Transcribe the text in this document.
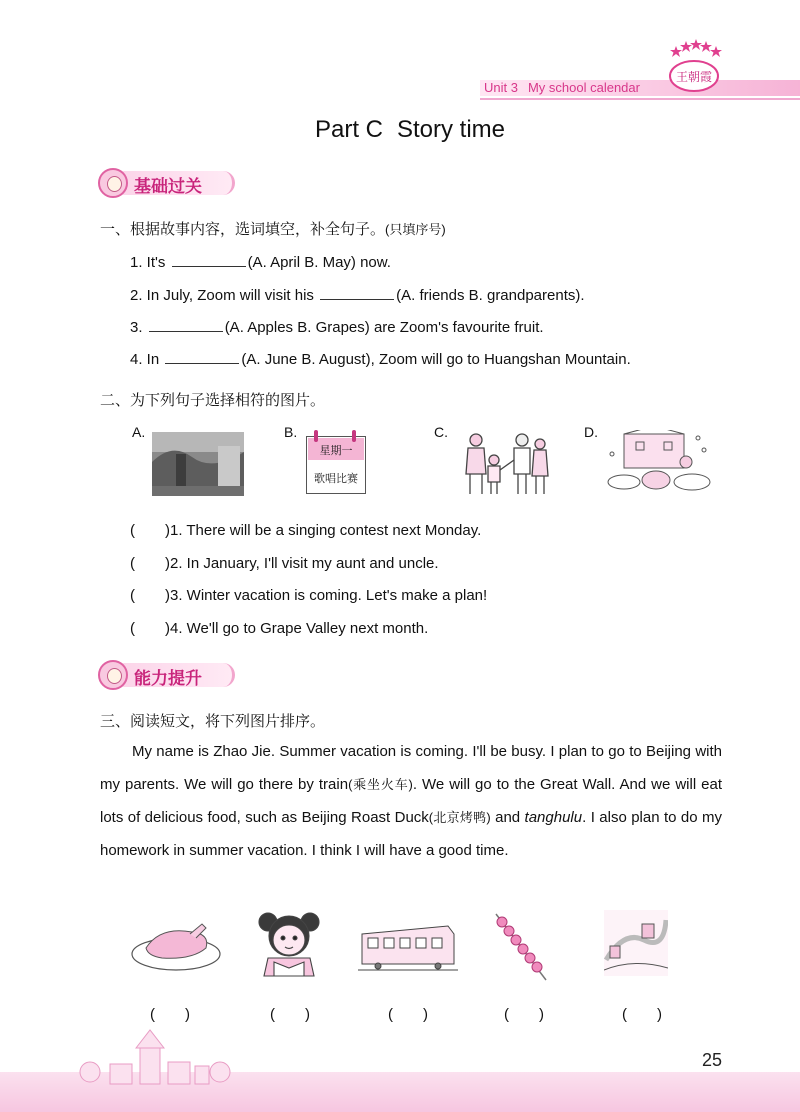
Unit 3 My school calendar
王朝霞
Part C Story time
基础过关
一、根据故事内容，选词填空，补全句子。(只填序号)
1. It's	(A. April B. May) now.
2. In July, Zoom will visit his	(A. friends B. grandparents).
3.	(A. Apples B. Grapes) are Zoom's favourite fruit.
4. In	(A. June B. August), Zoom will go to Huangshan Mountain.
二、为下列句子选择相符的图片。
A.	B.
星期一
歌唱比赛
C.	D.
(　　)1. There will be a singing contest next Monday.
(　　)2. In January, I'll visit my aunt and uncle.
(　　)3. Winter vacation is coming. Let's make a plan!
(　　)4. We'll go to Grape Valley next month.
能力提升
三、阅读短文，将下列图片排序。
My name is Zhao Jie. Summer vacation is coming. I'll be busy. I plan to go to Beijing with my parents. We will go there by train(乘坐火车). We will go to the Great Wall. And we will eat lots of delicious food, such as Beijing Roast Duck(北京烤鸭) and tanghulu. I also plan to do my homework in summer vacation. I think I will have a good time.
(　　)	(　　)	(　　)	(　　)	(　　)
25
